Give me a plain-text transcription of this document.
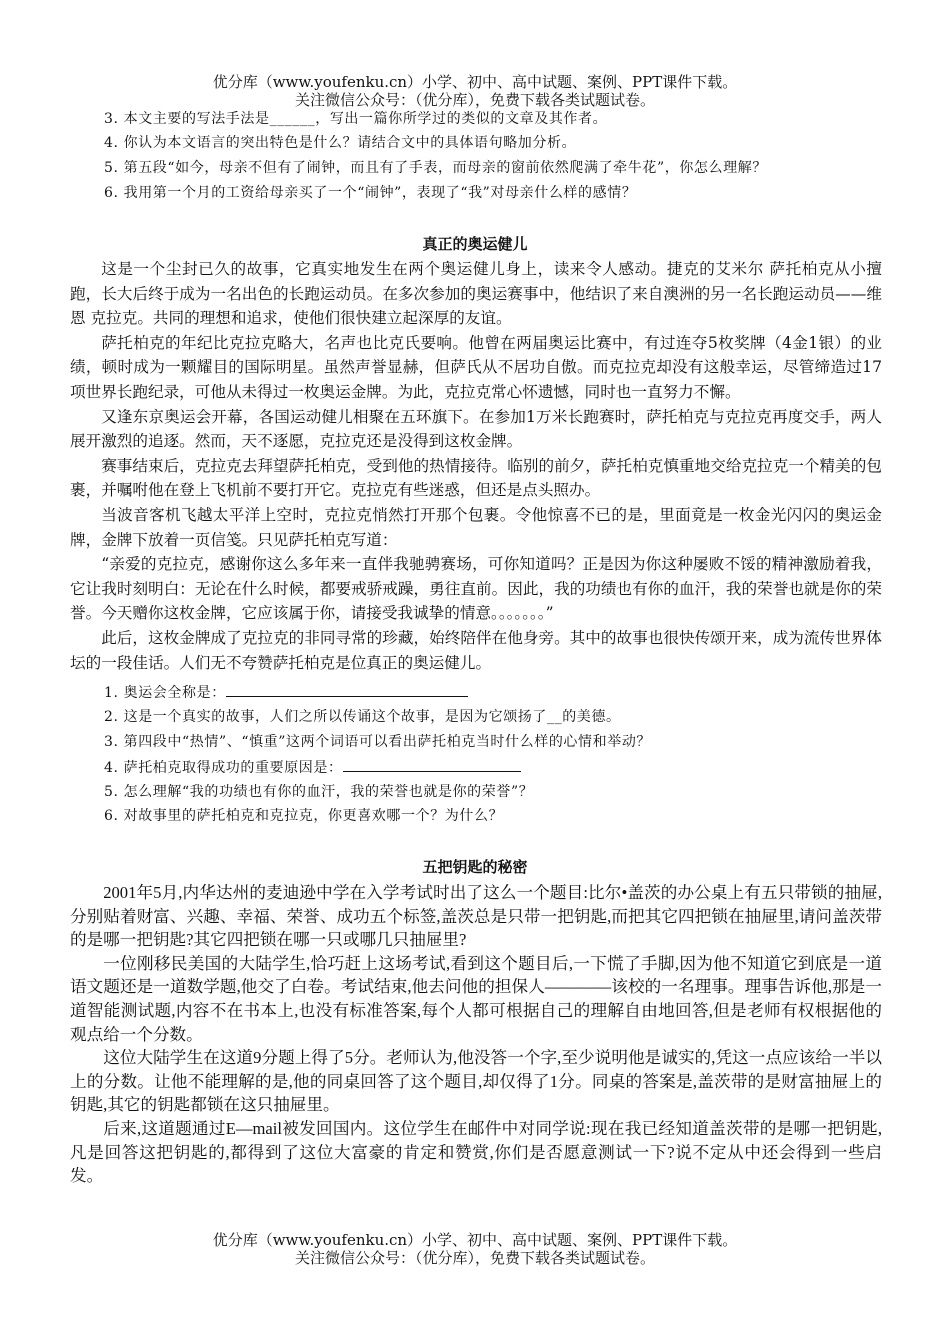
优分库（www.youfenku.cn）小学、初中、高中试题、案例、PPT课件下载。
关注微信公众号：（优分库），免费下载各类试题试卷。
3. 本文主要的写法手法是______，写出一篇你所学过的类似的文章及其作者。
4. 你认为本文语言的突出特色是什么？请结合文中的具体语句略加分析。
5. 第五段“如今，母亲不但有了闹钟，而且有了手表，而母亲的窗前依然爬满了牵牛花”，你怎么理解？
6. 我用第一个月的工资给母亲买了一个“闹钟”，表现了“我”对母亲什么样的感情？
真正的奥运健儿

这是一个尘封已久的故事，它真实地发生在两个奥运健儿身上，读来令人感动。捷克的艾米尔 萨托柏克从小擅跑，长大后终于成为一名出色的长跑运动员。在多次参加的奥运赛事中，他结识了来自澳洲的另一名长跑运动员——维恩 克拉克。共同的理想和追求，使他们很快建立起深厚的友谊。

萨托柏克的年纪比克拉克略大，名声也比克氏要响。他曾在两届奥运比赛中，有过连夺5枚奖牌（4金1银）的业绩，顿时成为一颗耀目的国际明星。虽然声誉显赫，但萨氏从不居功自傲。而克拉克却没有这般幸运，尽管缔造过17项世界长跑纪录，可他从未得过一枚奥运金牌。为此，克拉克常心怀遗憾，同时也一直努力不懈。

又逢东京奥运会开幕，各国运动健儿相聚在五环旗下。在参加1万米长跑赛时，萨托柏克与克拉克再度交手，两人展开激烈的追逐。然而，天不逐愿，克拉克还是没得到这枚金牌。

赛事结束后，克拉克去拜望萨托柏克，受到他的热情接待。临别的前夕，萨托柏克慎重地交给克拉克一个精美的包裹，并嘱咐他在登上飞机前不要打开它。克拉克有些迷惑，但还是点头照办。

当波音客机飞越太平洋上空时，克拉克悄然打开那个包裹。令他惊喜不已的是，里面竟是一枚金光闪闪的奥运金牌，金牌下放着一页信笺。只见萨托柏克写道：

“亲爱的克拉克，感谢你这么多年来一直伴我驰骋赛场，可你知道吗？正是因为你这种屡败不馁的精神激励着我，它让我时刻明白：无论在什么时候，都要戒骄戒躁，勇往直前。因此，我的功绩也有你的血汗，我的荣誉也就是你的荣誉。今天赠你这枚金牌，它应该属于你，请接受我诚挚的情意。。。。。。。”

此后，这枚金牌成了克拉克的非同寻常的珍藏，始终陪伴在他身旁。其中的故事也很快传颂开来，成为流传世界体坛的一段佳话。人们无不夸赞萨托柏克是位真正的奥运健儿。

1. 奥运会全称是：
2. 这是一个真实的故事，人们之所以传诵这个故事，是因为它颂扬了__的美德。
3. 第四段中“热情”、“慎重”这两个词语可以看出萨托柏克当时什么样的心情和举动？
4. 萨托柏克取得成功的重要原因是：
5. 怎么理解“我的功绩也有你的血汗，我的荣誉也就是你的荣誉”？
6. 对故事里的萨托柏克和克拉克，你更喜欢哪一个？为什么？
五把钥匙的秘密

2001年5月,内华达州的麦迪逊中学在入学考试时出了这么一个题目:比尔•盖茨的办公桌上有五只带锁的抽屉,分别贴着财富、兴趣、幸福、荣誉、成功五个标签,盖茨总是只带一把钥匙,而把其它四把锁在抽屉里,请问盖茨带的是哪一把钥匙?其它四把锁在哪一只或哪几只抽屉里?

一位刚移民美国的大陆学生,恰巧赶上这场考试,看到这个题目后,一下慌了手脚,因为他不知道它到底是一道语文题还是一道数学题,他交了白卷。考试结束,他去问他的担保人————该校的一名理事。理事告诉他,那是一道智能测试题,内容不在书本上,也没有标准答案,每个人都可根据自己的理解自由地回答,但是老师有权根据他的观点给一个分数。

这位大陆学生在这道9分题上得了5分。老师认为,他没答一个字,至少说明他是诚实的,凭这一点应该给一半以上的分数。让他不能理解的是,他的同桌回答了这个题目,却仅得了1分。同桌的答案是,盖茨带的是财富抽屉上的钥匙,其它的钥匙都锁在这只抽屉里。

后来,这道题通过E—mail被发回国内。这位学生在邮件中对同学说:现在我已经知道盖茨带的是哪一把钥匙,凡是回答这把钥匙的,都得到了这位大富豪的肯定和赞赏,你们是否愿意测试一下?说不定从中还会得到一些启发。

优分库（www.youfenku.cn）小学、初中、高中试题、案例、PPT课件下载。
关注微信公众号：（优分库），免费下载各类试题试卷。
